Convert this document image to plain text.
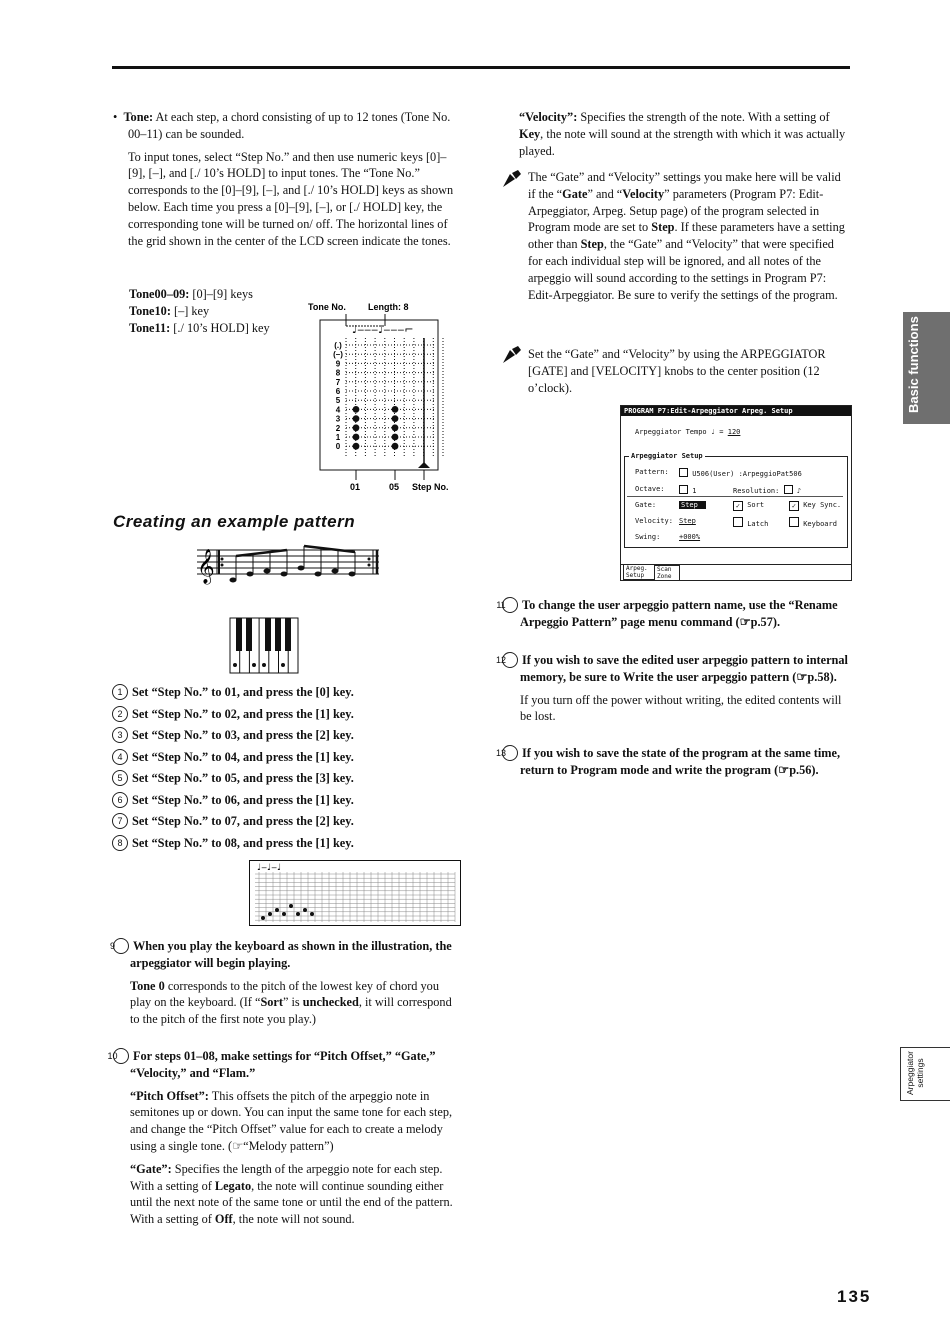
•  Tone: At each step, a chord consisting of up to 12 tones (Tone No. 00–11) can be sounded.

To input tones, select “Step No.” and then use numeric keys [0]–[9], [–], and [./ 10’s HOLD] to input tones. The “Tone No.” corresponds to the [0]–[9], [–], and [./ 10’s HOLD] keys as shown below. Each time you press a [0]–[9], [–], or [./ HOLD] key, the corresponding tone will be turned on/ off. The horizontal lines of the grid shown in the center of the LCD screen indicate the tones.

Tone00–09: [0]–[9] keys
Tone10: [–] key
Tone11: [./ 10’s HOLD] key
Tone No. Length: 8
♩‒‒‒♩‒‒‒⌐
(.)
(–)
9
8
7
6
5
4
3
2
1
0
01	05 Step No.
Creating an example pattern
𝄞
1 Set “Step No.” to 01, and press the [0] key.
2 Set “Step No.” to 02, and press the [1] key.
3 Set “Step No.” to 03, and press the [2] key.
4 Set “Step No.” to 04, and press the [1] key.
5 Set “Step No.” to 05, and press the [3] key.
6 Set “Step No.” to 06, and press the [1] key.
7 Set “Step No.” to 07, and press the [2] key.
8 Set “Step No.” to 08, and press the [1] key.
♩‒♩‒♩

9 When you play the keyboard as shown in the illustration, the arpeggiator will begin playing.

Tone 0 corresponds to the pitch of the lowest key of chord you play on the keyboard. (If “Sort” is unchecked, it will correspond to the pitch of the first note you play.)

10 For steps 01–08, make settings for “Pitch Offset,” “Gate,” “Velocity,” and “Flam.”

“Pitch Offset”: This offsets the pitch of the arpeggio note in semitones up or down. You can input the same tone for each step, and change the “Pitch Offset” value for each to create a melody using a single tone. (☞“Melody pattern”)

“Gate”: Specifies the length of the arpeggio note for each step. With a setting of Legato, the note will continue sounding either until the next note of the same tone or until the end of the pattern. With a setting of Off, the note will not sound.

“Velocity”: Specifies the strength of the note. With a setting of Key, the note will sound at the strength with which it was actually played.

The “Gate” and “Velocity” settings you make here will be valid if the “Gate” and “Velocity” parameters (Program P7: Edit-Arpeggiator, Arpeg. Setup page) of the program selected in Program mode are set to Step. If these parameters have a setting other than Step, the “Gate” and “Velocity” that were specified for each individual step will be ignored, and all notes of the arpeggio will sound according to the settings in Program P7: Edit-Arpeggiator. Be sure to verify the settings of the program.

Set the “Gate” and “Velocity” by using the ARPEGGIATOR [GATE] and [VELOCITY] knobs to the center position (12 o’clock).

PROGRAM P7:Edit-Arpeggiator Arpeg. Setup
Arpeggiator Tempo ♩ = 120
Arpeggiator Setup
Pattern:	U506(User) :ArpeggioPat506
Octave:	1	Resolution:  ♪
Gate:	Step
Velocity: Step
Swing:	+000%
✓ Sort
Latch
✓ Key Sync.
Keyboard
Arpeg. Setup
Scan Zone

11 To change the user arpeggio pattern name, use the “Rename Arpeggio Pattern” page menu command (☞p.57).

12 If you wish to save the edited user arpeggio pattern to internal memory, be sure to Write the user arpeggio pattern (☞p.58).

If you turn off the power without writing, the edited contents will be lost.

13 If you wish to save the state of the program at the same time, return to Program mode and write the program (☞p.56).

Basic functions
Arpeggiator settings
135
